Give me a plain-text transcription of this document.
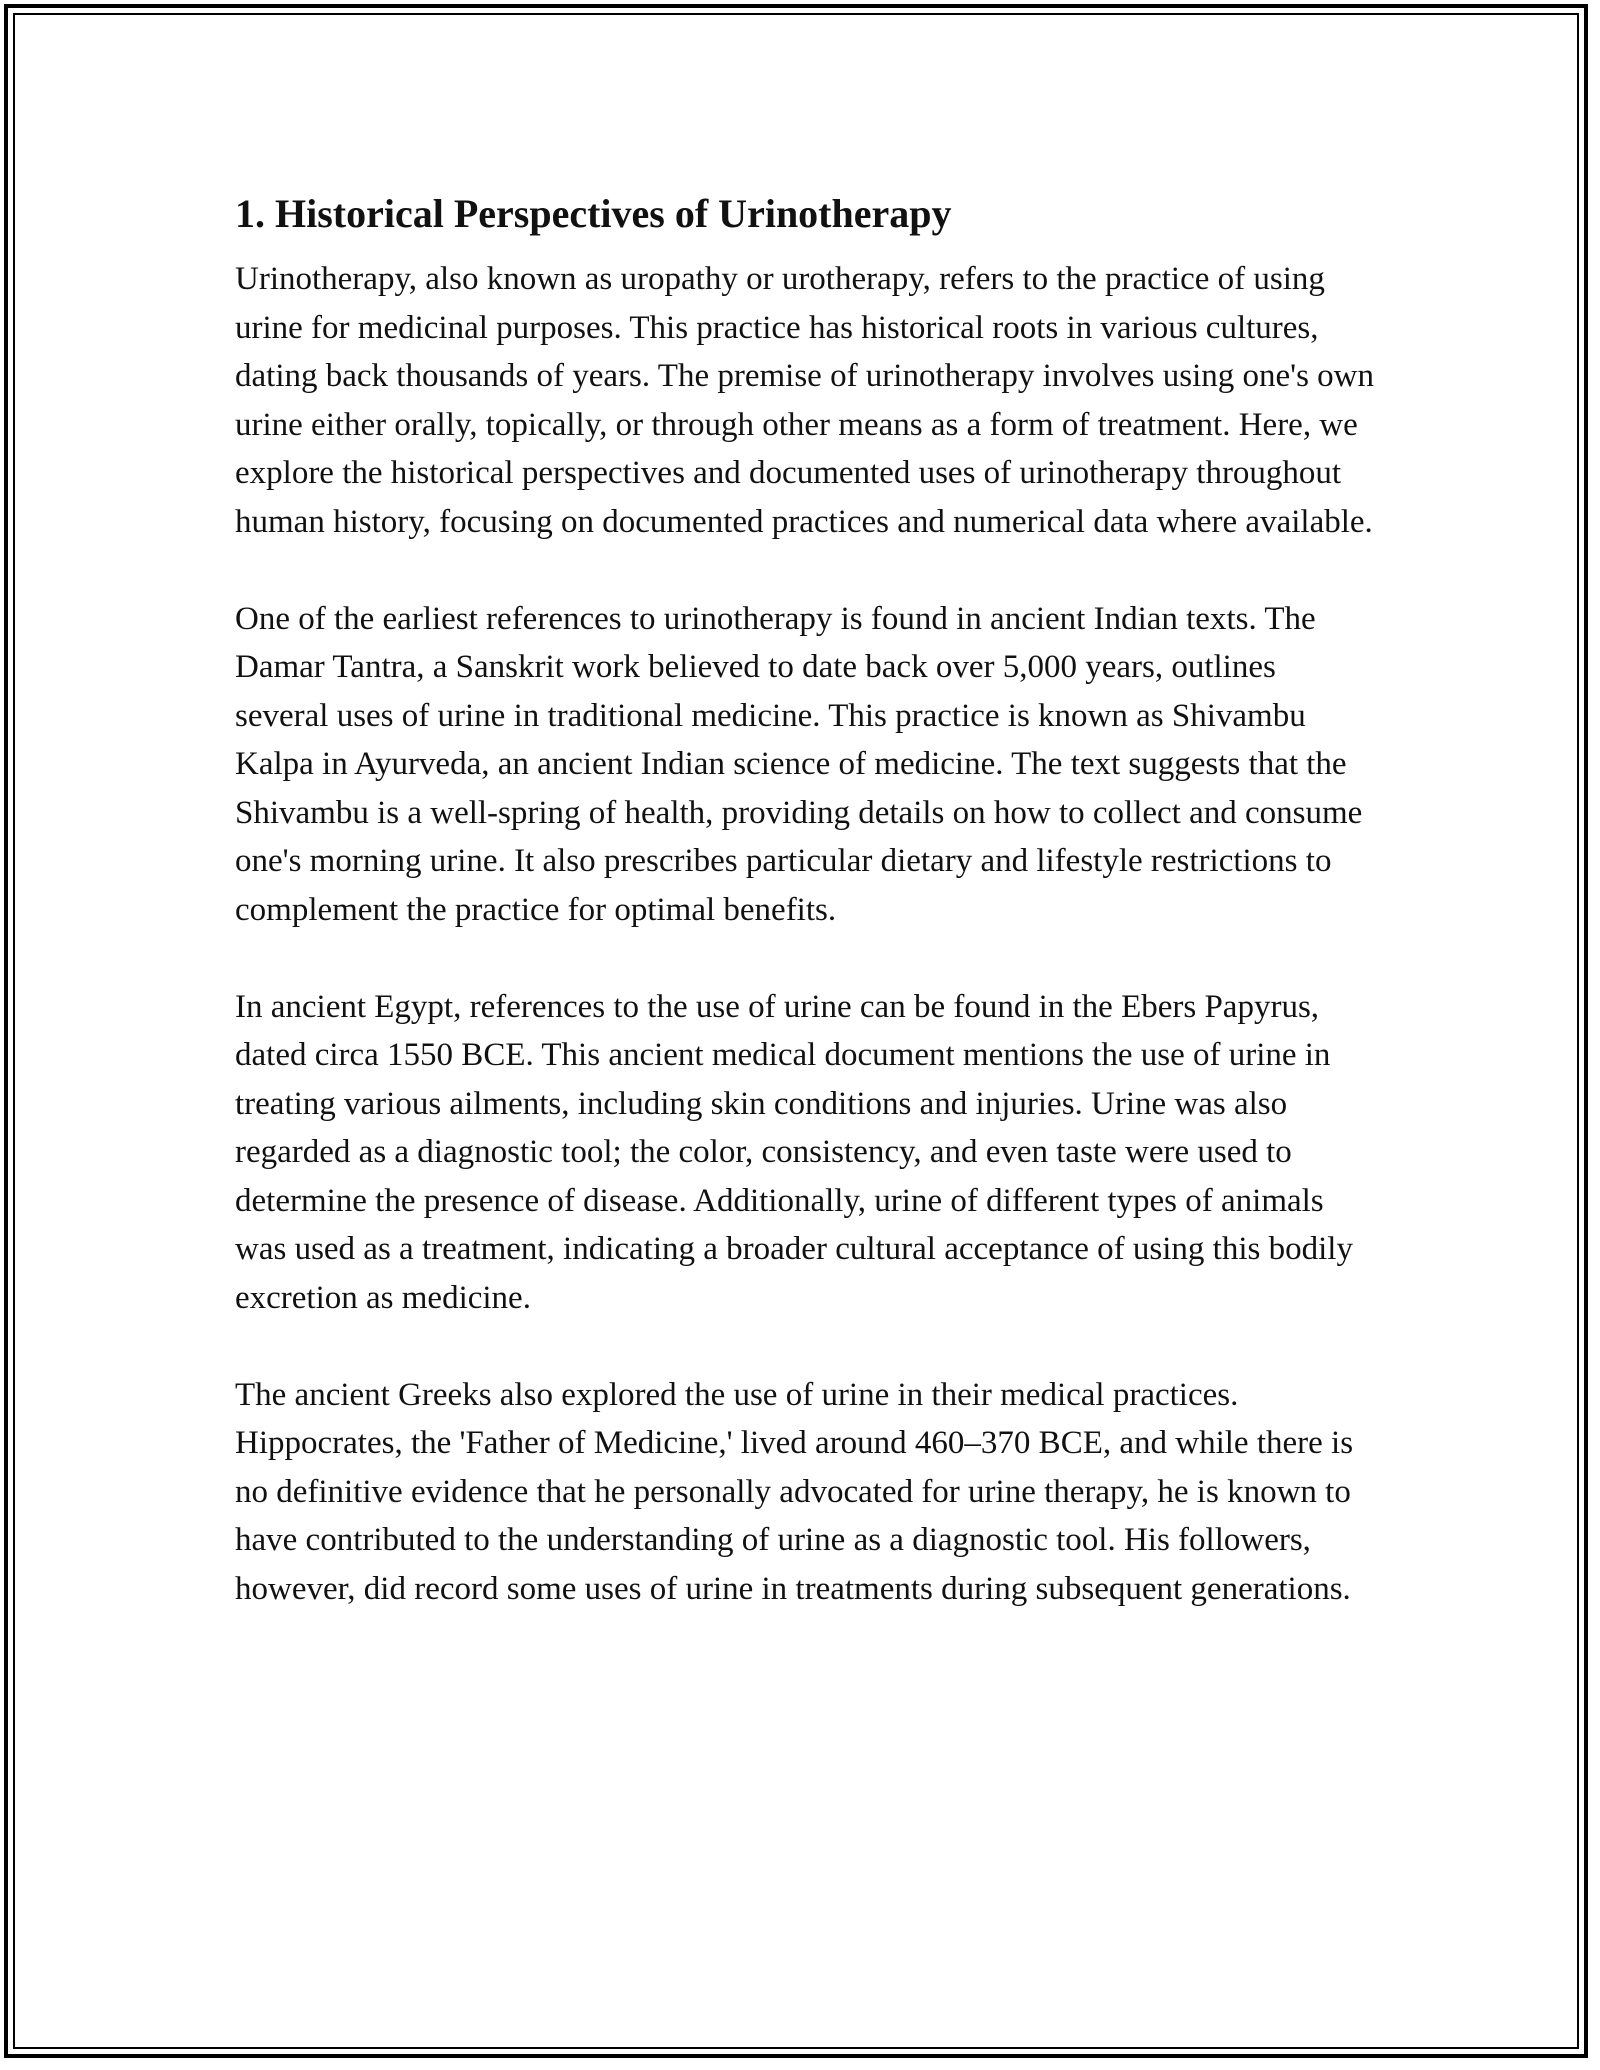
1. Historical Perspectives of Urinotherapy

Urinotherapy, also known as uropathy or urotherapy, refers to the practice of using urine for medicinal purposes. This practice has historical roots in various cultures, dating back thousands of years. The premise of urinotherapy involves using one's own urine either orally, topically, or through other means as a form of treatment. Here, we explore the historical perspectives and documented uses of urinotherapy throughout human history, focusing on documented practices and numerical data where available.

One of the earliest references to urinotherapy is found in ancient Indian texts. The Damar Tantra, a Sanskrit work believed to date back over 5,000 years, outlines several uses of urine in traditional medicine. This practice is known as Shivambu Kalpa in Ayurveda, an ancient Indian science of medicine. The text suggests that the Shivambu is a well-spring of health, providing details on how to collect and consume one's morning urine. It also prescribes particular dietary and lifestyle restrictions to complement the practice for optimal benefits.

In ancient Egypt, references to the use of urine can be found in the Ebers Papyrus, dated circa 1550 BCE. This ancient medical document mentions the use of urine in treating various ailments, including skin conditions and injuries. Urine was also regarded as a diagnostic tool; the color, consistency, and even taste were used to determine the presence of disease. Additionally, urine of different types of animals was used as a treatment, indicating a broader cultural acceptance of using this bodily excretion as medicine.

The ancient Greeks also explored the use of urine in their medical practices. Hippocrates, the 'Father of Medicine,' lived around 460–370 BCE, and while there is no definitive evidence that he personally advocated for urine therapy, he is known to have contributed to the understanding of urine as a diagnostic tool. His followers, however, did record some uses of urine in treatments during subsequent generations.
